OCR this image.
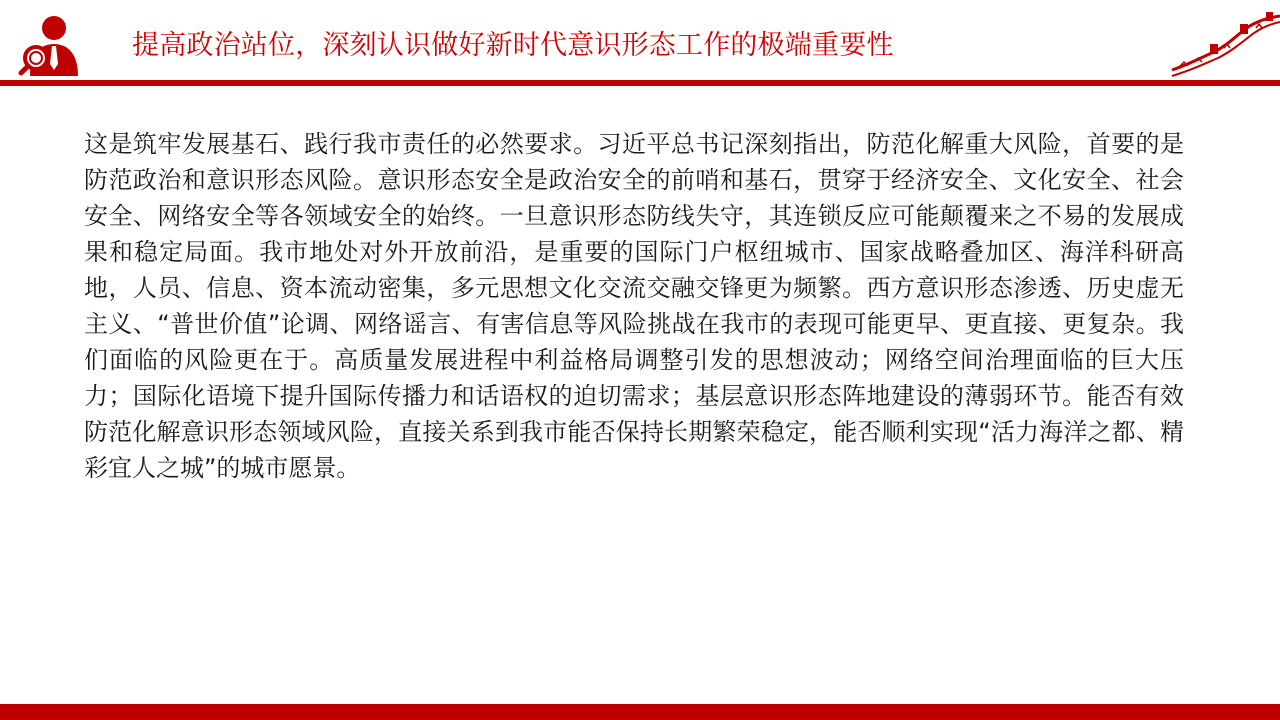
提高政治站位，深刻认识做好新时代意识形态工作的极端重要性
这是筑牢发展基石、践行我市责任的必然要求。习近平总书记深刻指出，防范化解重大风险，首要的是防范政治和意识形态风险。意识形态安全是政治安全的前哨和基石，贯穿于经济安全、文化安全、社会安全、网络安全等各领域安全的始终。一旦意识形态防线失守，其连锁反应可能颠覆来之不易的发展成果和稳定局面。我市地处对外开放前沿，是重要的国际门户枢纽城市、国家战略叠加区、海洋科研高地，人员、信息、资本流动密集，多元思想文化交流交融交锋更为频繁。西方意识形态渗透、历史虚无主义、“普世价值”论调、网络谣言、有害信息等风险挑战在我市的表现可能更早、更直接、更复杂。我们面临的风险更在于。高质量发展进程中利益格局调整引发的思想波动；网络空间治理面临的巨大压力；国际化语境下提升国际传播力和话语权的迫切需求；基层意识形态阵地建设的薄弱环节。能否有效防范化解意识形态领域风险，直接关系到我市能否保持长期繁荣稳定，能否顺利实现“活力海洋之都、精彩宜人之城”的城市愿景。
